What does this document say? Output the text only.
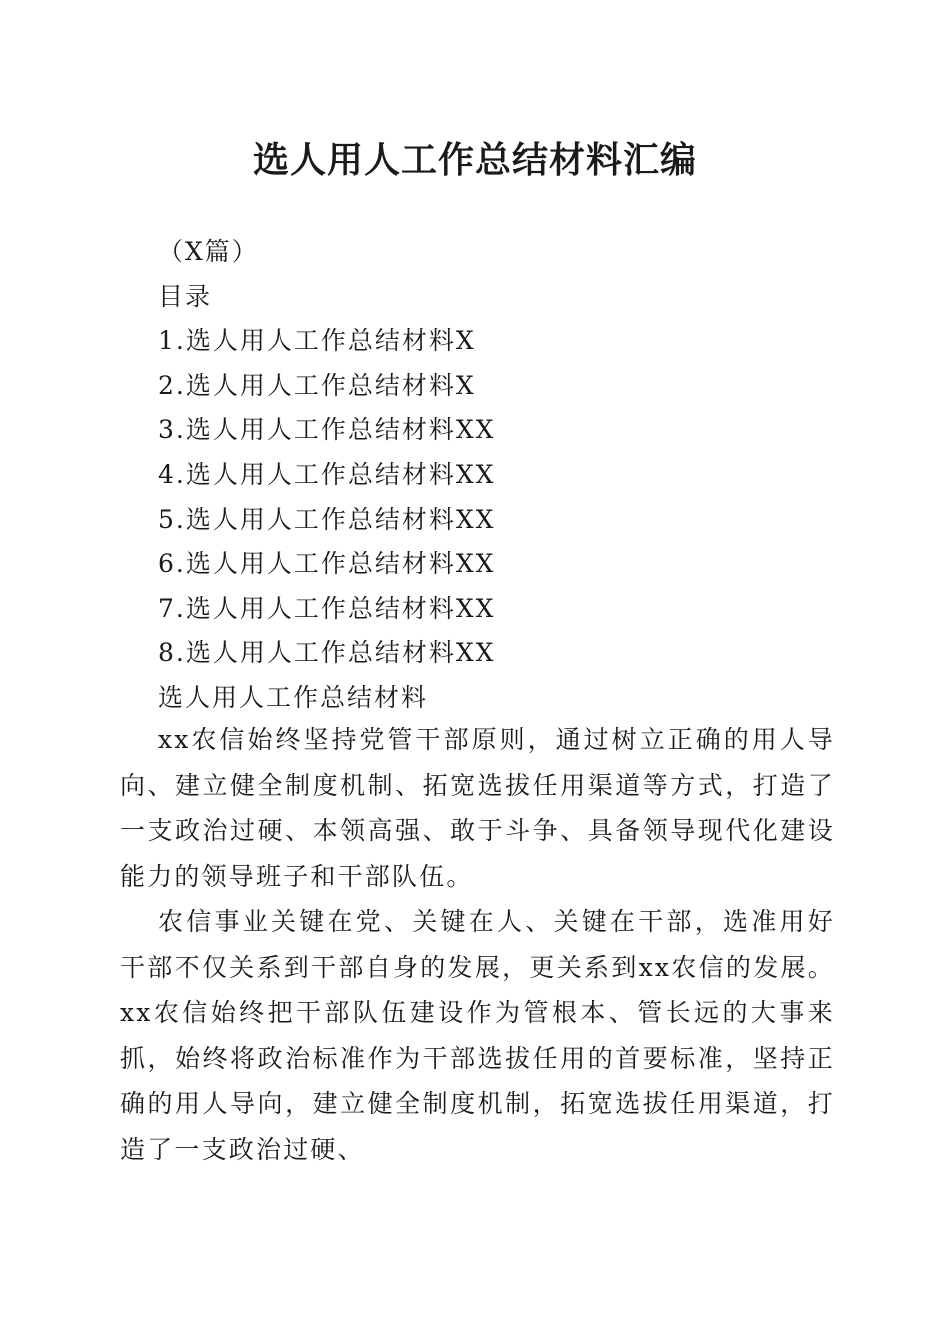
选人用人工作总结材料汇编
（X篇）
目录
1.选人用人工作总结材料X
2.选人用人工作总结材料X
3.选人用人工作总结材料XX
4.选人用人工作总结材料XX
5.选人用人工作总结材料XX
6.选人用人工作总结材料XX
7.选人用人工作总结材料XX
8.选人用人工作总结材料XX
选人用人工作总结材料

xx农信始终坚持党管干部原则，通过树立正确的用人导向、建立健全制度机制、拓宽选拔任用渠道等方式，打造了一支政治过硬、本领高强、敢于斗争、具备领导现代化建设能力的领导班子和干部队伍。

农信事业关键在党、关键在人、关键在干部，选准用好干部不仅关系到干部自身的发展，更关系到xx农信的发展。xx农信始终把干部队伍建设作为管根本、管长远的大事来抓，始终将政治标准作为干部选拔任用的首要标准，坚持正确的用人导向，建立健全制度机制，拓宽选拔任用渠道，打造了一支政治过硬、
